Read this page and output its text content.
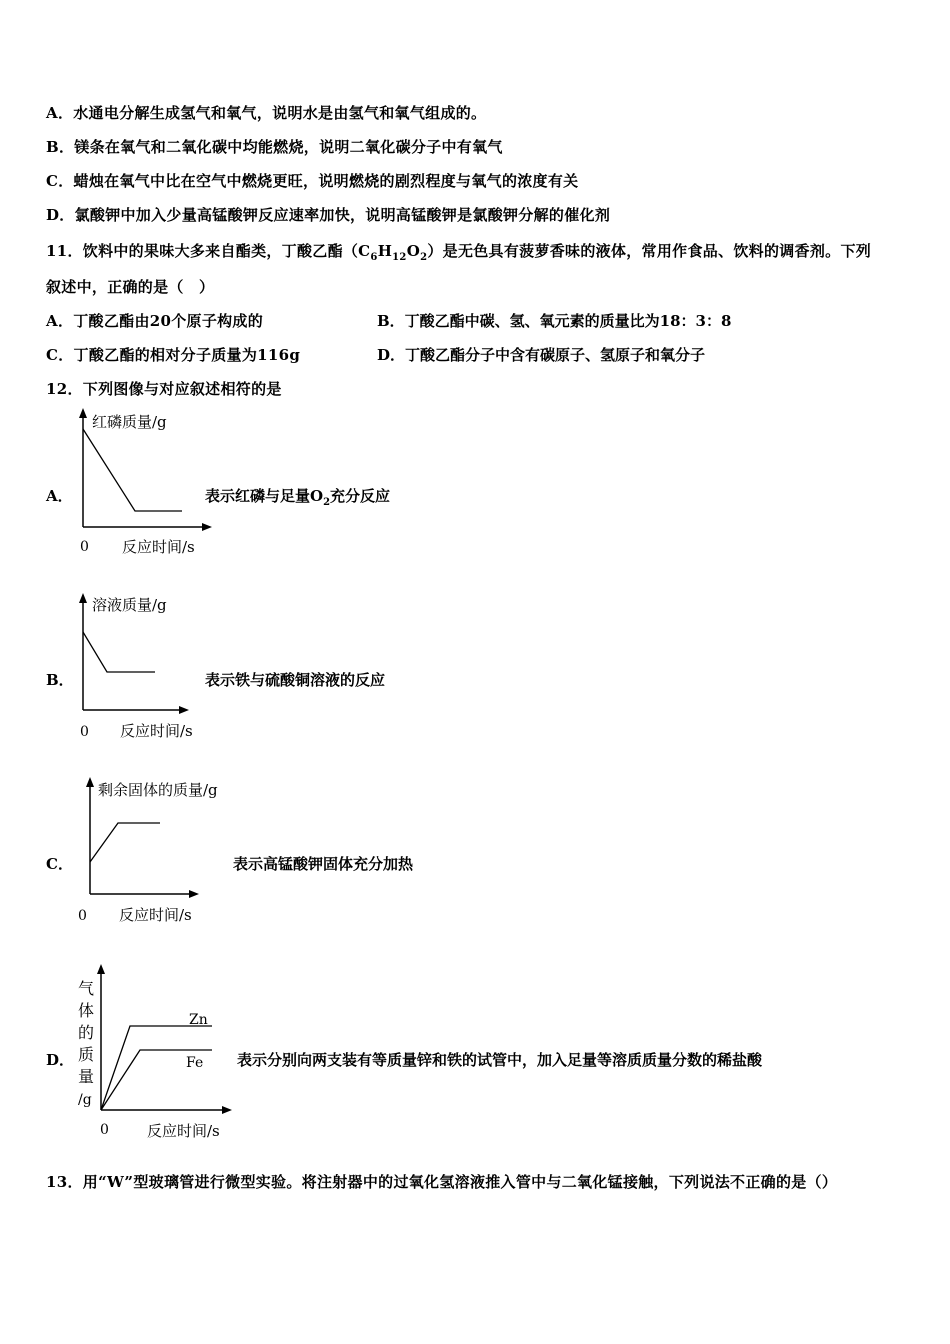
A．水通电分解生成氢气和氧气，说明水是由氢气和氧气组成的。
B．镁条在氧气和二氧化碳中均能燃烧，说明二氧化碳分子中有氧气
C．蜡烛在氧气中比在空气中燃烧更旺，说明燃烧的剧烈程度与氧气的浓度有关
D．氯酸钾中加入少量高锰酸钾反应速率加快，说明高锰酸钾是氯酸钾分解的催化剂
11．饮料中的果味大多来自酯类，丁酸乙酯$(C_6H_{12}O_2)$是无色具有菠萝香味的液体，常用作食品、饮料的调香剂。下列
叙述中，正确的是（　）
A．丁酸乙酯由20个原子构成的	B．丁酸乙酯中碳、氢、氧元素的质量比为18：3：8
C．丁酸乙酯的相对分子质量为116g	D．丁酸乙酯分子中含有碳原子、氢原子和氧分子
12．下列图像与对应叙述相符的是
A．
红磷质量/g
0 反应时间/s
表示红磷与足量$O_2$充分反应
B．
溶液质量/g
0 反应时间/s
表示铁与硫酸铜溶液的反应
C．
剩余固体的质量/g
0 反应时间/s
表示高锰酸钾固体充分加热
D．
Zn
Fe
气
体
的
质
量
/g
0	反应时间/s
表示分别向两支装有等质量锌和铁的试管中，加入足量等溶质质量分数的稀盐酸
13．用“W”型玻璃管进行微型实验。将注射器中的过氧化氢溶液推入管中与二氧化锰接触，下列说法不正确的是（）
